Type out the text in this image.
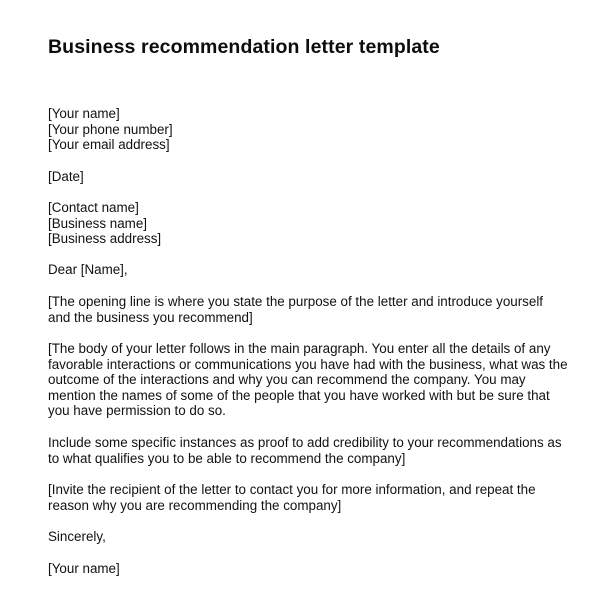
Business recommendation letter template
[Your name]
[Your phone number]
[Your email address]
[Date]
[Contact name]
[Business name]
[Business address]
Dear [Name],
[The opening line is where you state the purpose of the letter and introduce yourself and the business you recommend]
[The body of your letter follows in the main paragraph. You enter all the details of any favorable interactions or communications you have had with the business, what was the outcome of the interactions and why you can recommend the company. You may mention the names of some of the people that you have worked with but be sure that you have permission to do so.
Include some specific instances as proof to add credibility to your recommendations as to what qualifies you to be able to recommend the company]
[Invite the recipient of the letter to contact you for more information, and repeat the reason why you are recommending the company]
Sincerely,
[Your name]
